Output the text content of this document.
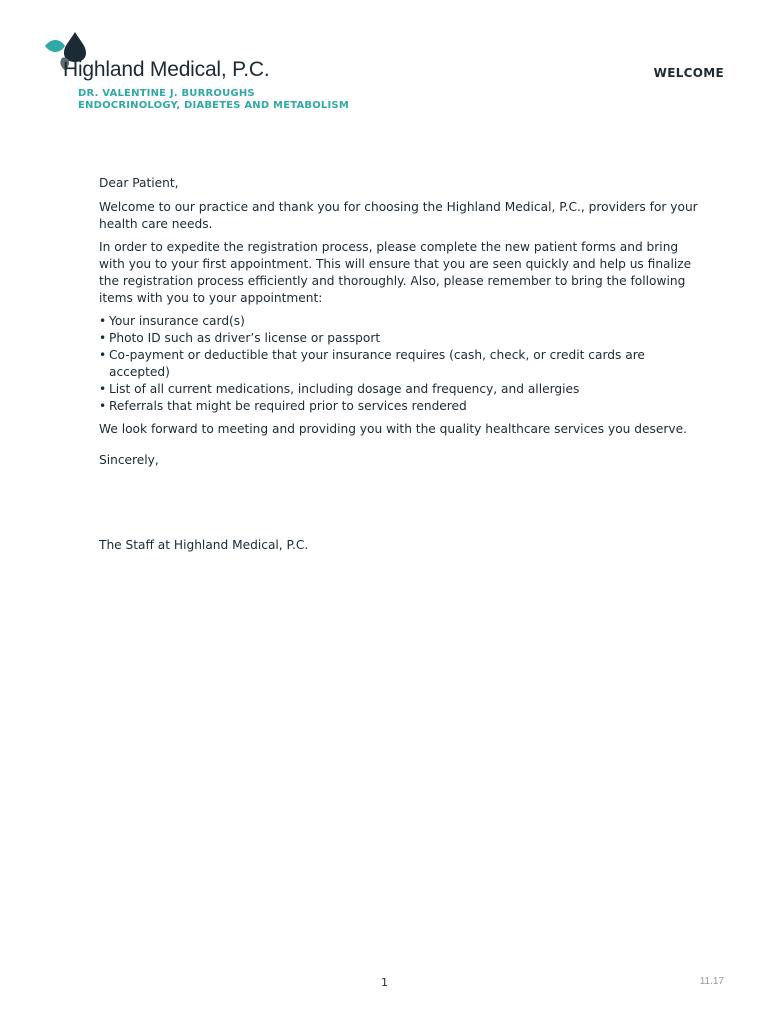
Highland Medical, P.C.
DR. VALENTINE J. BURROUGHS
ENDOCRINOLOGY, DIABETES AND METABOLISM
WELCOME

Dear Patient,

Welcome to our practice and thank you for choosing the Highland Medical, P.C., providers for your health care needs.

In order to expedite the registration process, please complete the new patient forms and bring with you to your first appointment. This will ensure that you are seen quickly and help us finalize the registration process efficiently and thoroughly. Also, please remember to bring the following items with you to your appointment:

• Your insurance card(s)
• Photo ID such as driver’s license or passport
• Co-payment or deductible that your insurance requires (cash, check, or credit cards are accepted)
• List of all current medications, including dosage and frequency, and allergies
• Referrals that might be required prior to services rendered

We look forward to meeting and providing you with the quality healthcare services you deserve.

Sincerely,

The Staff at Highland Medical, P.C.
1	11.17
